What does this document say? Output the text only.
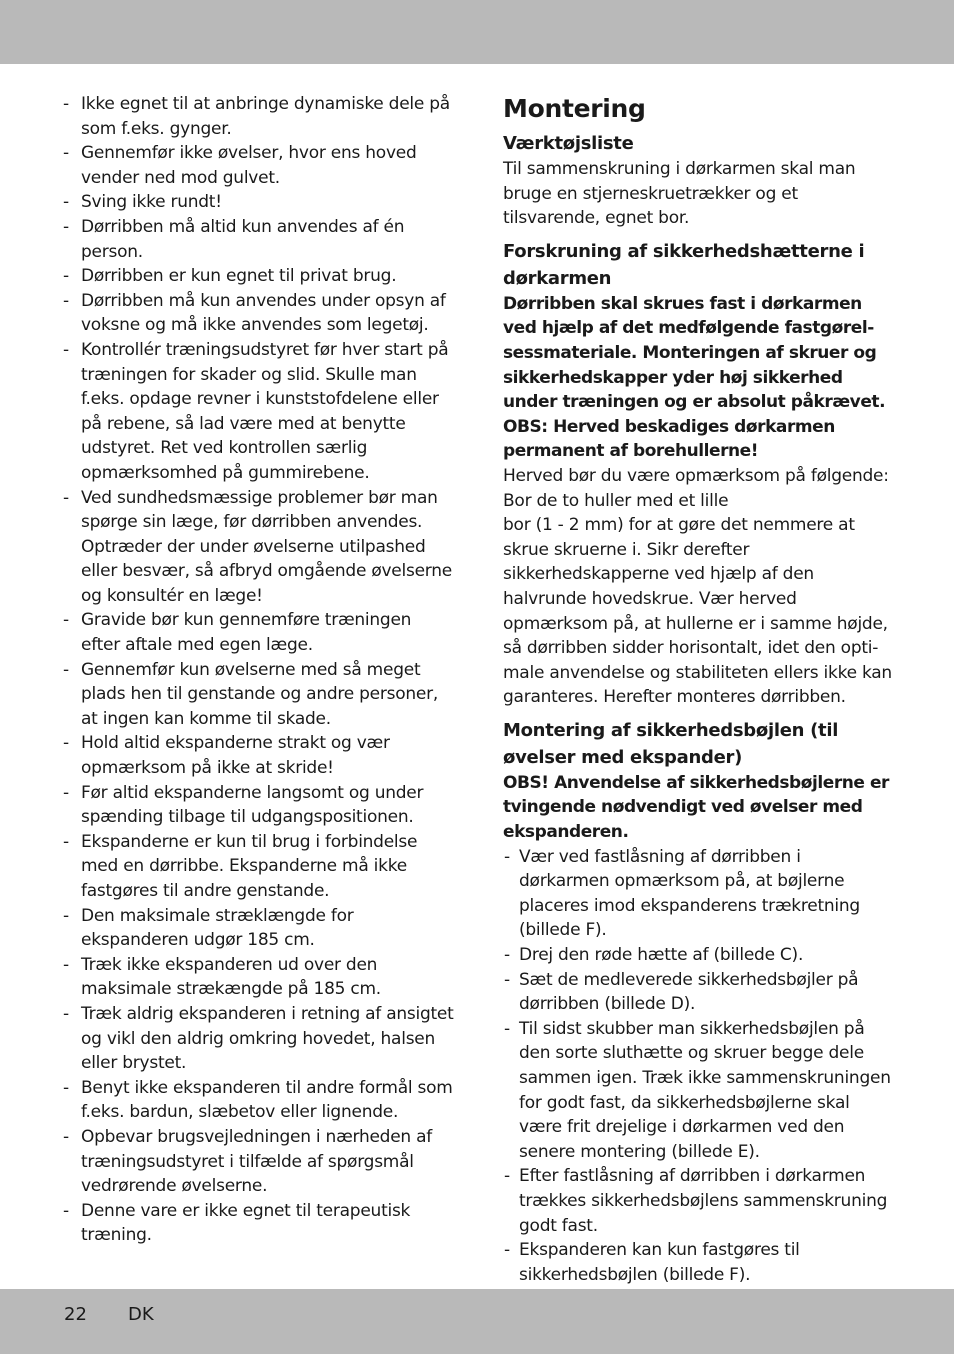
- Ikke egnet til at anbringe dynamiske dele på som f.eks. gynger.
- Gennemfør ikke øvelser, hvor ens hoved vender ned mod gulvet.
- Sving ikke rundt!
- Dørribben må altid kun anvendes af én person.
- Dørribben er kun egnet til privat brug.
- Dørribben må kun anvendes under opsyn af voksne og må ikke anvendes som legetøj.
- Kontrollér træningsudstyret før hver start på træningen for skader og slid. Skulle man f.eks. opdage revner i kunststofdelene eller på rebene, så lad være med at benytte udstyret. Ret ved kontrollen særlig opmærksomhed på gummirebene.
- Ved sundhedsmæssige problemer bør man spørge sin læge, før dørribben anvendes. Optræder der under øvelserne utilpashed eller besvær, så afbryd omgående øvelserne og konsultér en læge!
- Gravide bør kun gennemføre træningen efter aftale med egen læge.
- Gennemfør kun øvelserne med så meget plads hen til genstande og andre personer, at ingen kan komme til skade.
- Hold altid ekspanderne strakt og vær opmærksom på ikke at skride!
- Før altid ekspanderne langsomt og under spænding tilbage til udgangspositionen.
- Ekspanderne er kun til brug i forbindelse med en dørribbe. Ekspanderne må ikke fastgøres til andre genstande.
- Den maksimale stræklængde for ekspanderen udgør 185 cm.
- Træk ikke ekspanderen ud over den maksimale strækængde på 185 cm.
- Træk aldrig ekspanderen i retning af ansigtet og vikl den aldrig omkring hovedet, halsen eller brystet.
- Benyt ikke ekspanderen til andre formål som f.eks. bardun, slæbetov eller lignende.
- Opbevar brugsvejledningen i nærheden af træningsudstyret i tilfælde af spørgsmål vedrørende øvelserne.
- Denne vare er ikke egnet til terapeutisk træning.
Montering
Værktøjsliste

Til sammenskruning i dørkarmen skal man bruge en stjerneskruetrækker og et tilsvarende, egnet bor.

Forskruning af sikkerhedshætterne i dørkarmen

Dørribben skal skrues fast i dørkarmen ved hjælp af det medfølgende fastgørelsessmateriale. Monteringen af skruer og sikkerhedskapper yder høj sikkerhed under træningen og er absolut påkrævet. OBS: Herved beskadiges dørkarmen permanent af borehullerne!

Herved bør du være opmærksom på følgende: Bor de to huller med et lille

bor (1 - 2 mm) for at gøre det nemmere at skrue skruerne i. Sikr derefter sikkerhedskapperne ved hjælp af den halvrunde hovedskrue. Vær herved opmærksom på, at hullerne er i samme højde, så dørribben sidder horisontalt, idet den optimale anvendelse og stabiliteten ellers ikke kan garanteres. Herefter monteres dørribben.

Montering af sikkerhedsbøjlen (til øvelser med ekspander)

OBS! Anvendelse af sikkerhedsbøjlerne er tvingende nødvendigt ved øvelser med ekspanderen.

- Vær ved fastlåsning af dørribben i dørkarmen opmærksom på, at bøjlerne placeres imod ekspanderens trækretning (billede F).
- Drej den røde hætte af (billede C).
- Sæt de medleverede sikkerhedsbøjler på dørribben (billede D).
- Til sidst skubber man sikkerhedsbøjlen på den sorte sluthætte og skruer begge dele sammen igen. Træk ikke sammenskruningen for godt fast, da sikkerhedsbøjlerne skal være frit drejelige i dørkarmen ved den senere montering (billede E).
- Efter fastlåsning af dørribben i dørkarmen trækkes sikkerhedsbøjlens sammenskruning godt fast.
- Ekspanderen kan kun fastgøres til sikkerhedsbøjlen (billede F).
22 DK
